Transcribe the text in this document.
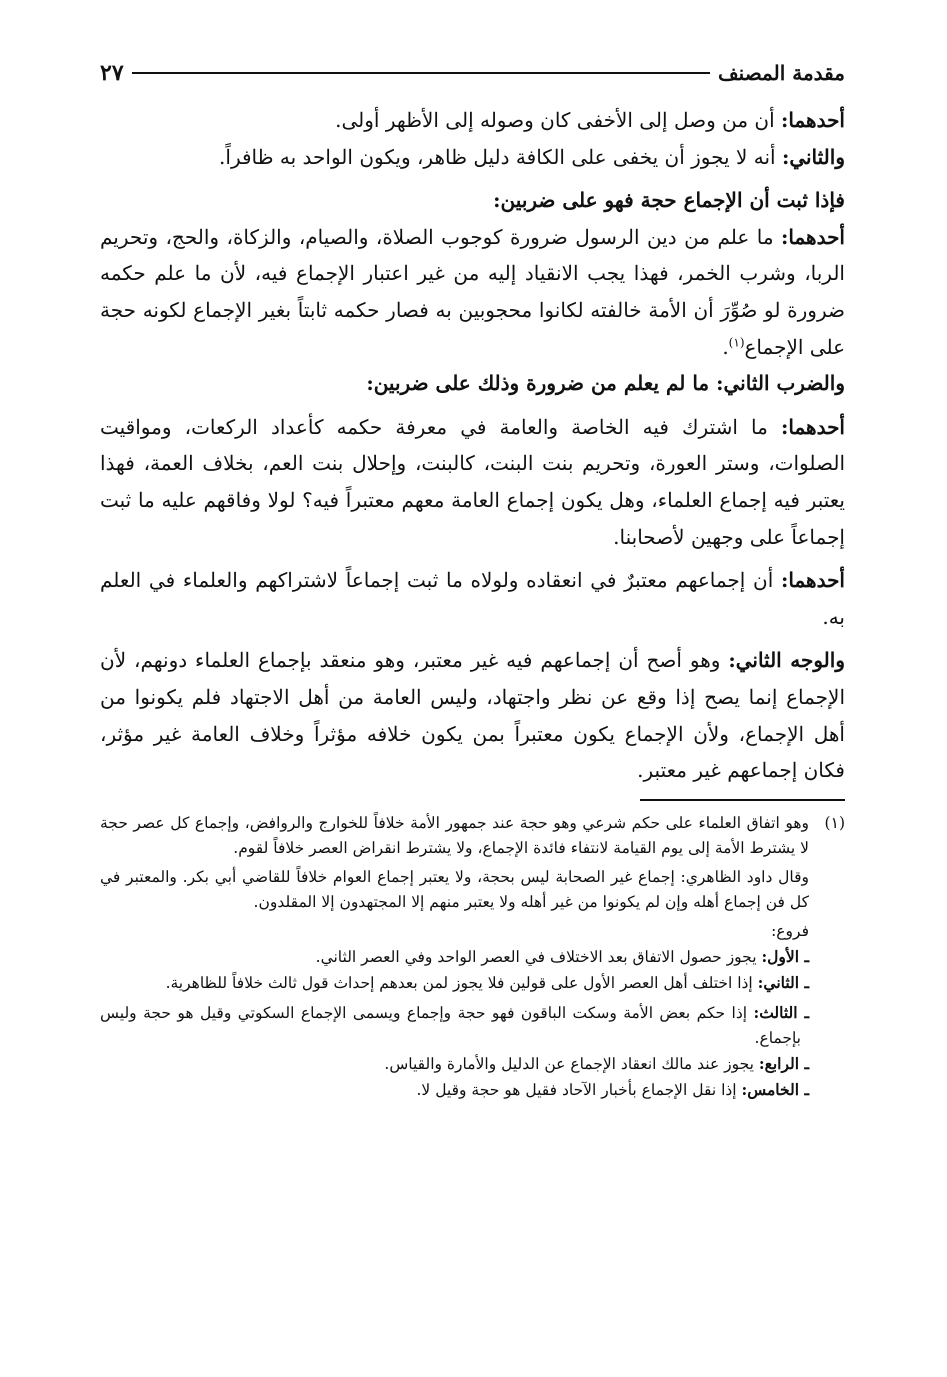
مقدمة المصنف
٢٧

أحدهما: أن من وصل إلى الأخفى كان وصوله إلى الأظهر أولى.

والثاني: أنه لا يجوز أن يخفى على الكافة دليل ظاهر، ويكون الواحد به ظافراً.

فإذا ثبت أن الإجماع حجة فهو على ضربين:

أحدهما: ما علم من دين الرسول ضرورة كوجوب الصلاة، والصيام، والزكاة، والحج، وتحريم الربا، وشرب الخمر، فهذا يجب الانقياد إليه من غير اعتبار الإجماع فيه، لأن ما علم حكمه ضرورة لو صُوِّرَ أن الأمة خالفته لكانوا محجوبين به فصار حكمه ثابتاً بغير الإجماع لكونه حجة على الإجماع$^{(١)}$.

والضرب الثاني: ما لم يعلم من ضرورة وذلك على ضربين:

أحدهما: ما اشترك فيه الخاصة والعامة في معرفة حكمه كأعداد الركعات، ومواقيت الصلوات، وستر العورة، وتحريم بنت البنت، كالبنت، وإحلال بنت العم، بخلاف العمة، فهذا يعتبر فيه إجماع العلماء، وهل يكون إجماع العامة معهم معتبراً فيه؟ لولا وفاقهم عليه ما ثبت إجماعاً على وجهين لأصحابنا.

أحدهما: أن إجماعهم معتبرٌ في انعقاده ولولاه ما ثبت إجماعاً لاشتراكهم والعلماء في العلم به.

والوجه الثاني: وهو أصح أن إجماعهم فيه غير معتبر، وهو منعقد بإجماع العلماء دونهم، لأن الإجماع إنما يصح إذا وقع عن نظر واجتهاد، وليس العامة من أهل الاجتهاد فلم يكونوا من أهل الإجماع، ولأن الإجماع يكون معتبراً بمن يكون خلافه مؤثراً وخلاف العامة غير مؤثر، فكان إجماعهم غير معتبر.

(١)
وهو اتفاق العلماء على حكم شرعي وهو حجة عند جمهور الأمة خلافاً للخوارج والروافض، وإجماع كل عصر حجة لا يشترط الأمة إلى يوم القيامة لانتفاء فائدة الإجماع، ولا يشترط انقراض العصر خلافاً لقوم.

وقال داود الظاهري: إجماع غير الصحابة ليس بحجة، ولا يعتبر إجماع العوام خلافاً للقاضي أبي بكر. والمعتبر في كل فن إجماع أهله وإن لم يكونوا من غير أهله ولا يعتبر منهم إلا المجتهدون إلا المقلدون.

فروع:

ـ الأول: يجوز حصول الاتفاق بعد الاختلاف في العصر الواحد وفي العصر الثاني.

ـ الثاني: إذا اختلف أهل العصر الأول على قولين فلا يجوز لمن بعدهم إحداث قول ثالث خلافاً للظاهرية.

ـ الثالث: إذا حكم بعض الأمة وسكت الباقون فهو حجة وإجماع ويسمى الإجماع السكوتي وقيل هو حجة وليس بإجماع.

ـ الرابع: يجوز عند مالك انعقاد الإجماع عن الدليل والأمارة والقياس.

ـ الخامس: إذا نقل الإجماع بأخبار الآحاد فقيل هو حجة وقيل لا.
